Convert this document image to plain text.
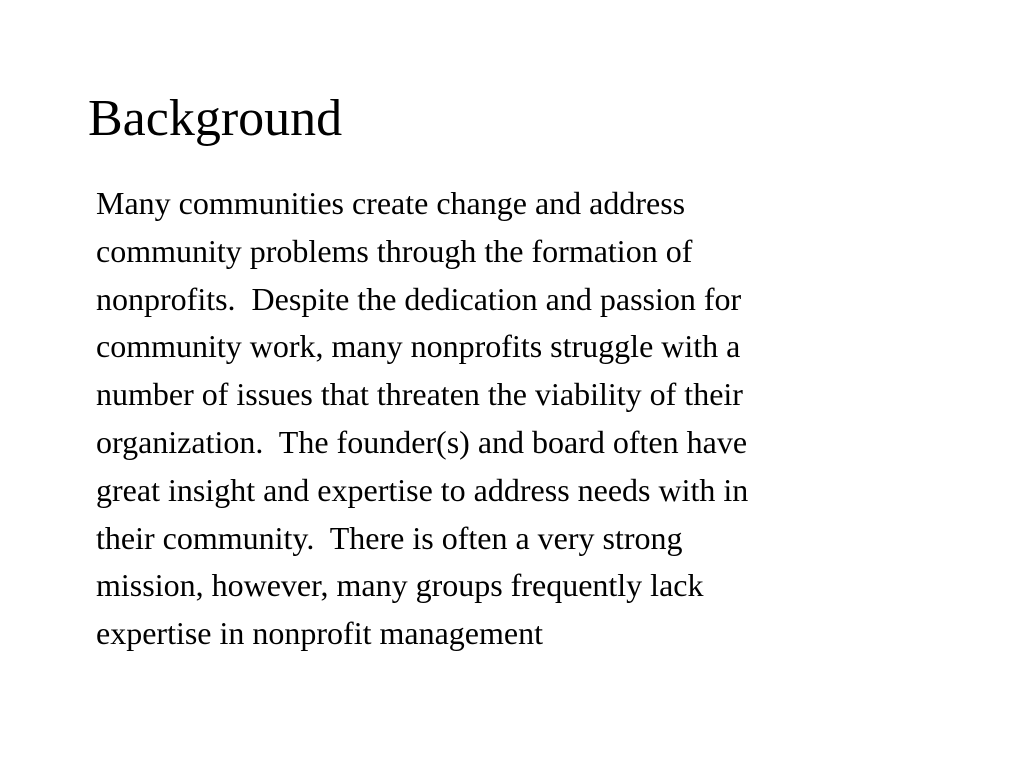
Background
Many communities create change and address
community problems through the formation of
nonprofits.  Despite the dedication and passion for
community work, many nonprofits struggle with a
number of issues that threaten the viability of their
organization.  The founder(s) and board often have
great insight and expertise to address needs with in
their community.  There is often a very strong
mission, however, many groups frequently lack
expertise in nonprofit management
